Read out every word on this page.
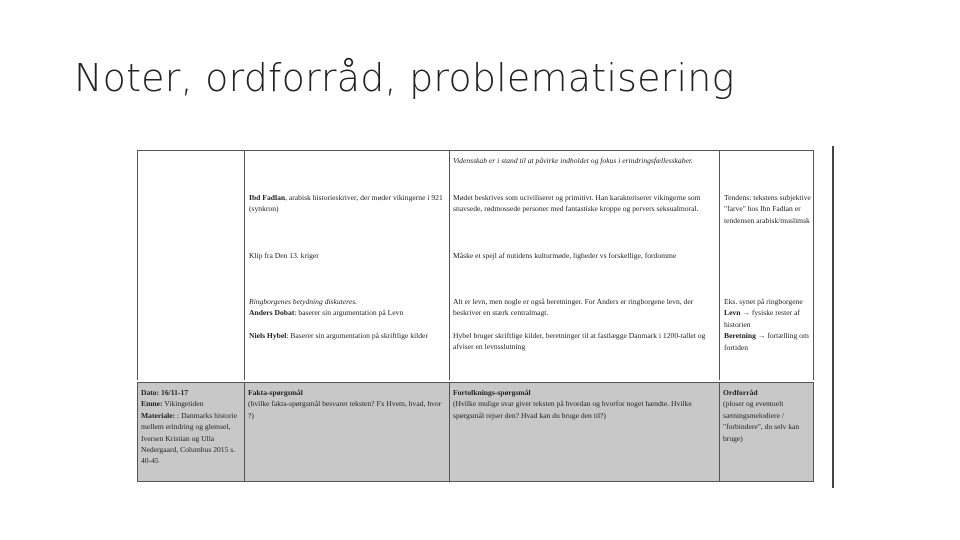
Noter, ordforråd, problematisering
Vidensskab er i stand til at påvirke indholdet og fokus i erindringsfællesskaber.
Ibd Fadlan, arabisk historieskriver, der møder vikingerne i 921 (synkron)
Mødet beskrives som uciviliseret og primitivt. Han karakteriserer vikingerne som snavsede, rødmossede personer med fantastiske kroppe og pervers seksualmoral.
Tendens: tekstens subjektive "farve" hos Ibn Fadlan er tendensen arabisk/muslimsk
Klip fra Den 13. kriger	Måske et spejl af nutidens kulturmøde, ligheder vs forskellige, fordomme

Ringborgenes betydning diskuteres.

Anders Dobat: baserer sin argumentation på Levn

Alt er levn, men nogle er også beretninger. For Anders er ringborgene levn, der beskriver en stærk centralmagt.

Eks. synet på ringborgene

Levn → fysiske rester af historien

Beretning → fortælling om fortiden

Niels Hybel: Baserer sin argumentation på skriftlige kilder	Hybel bruger skriftlige kilder, beretninger til at fastlægge Danmark i 1200-tallet og afviser en levnsslutning

Dato: 16/11-17

Emne: Vikingetiden

Materiale: : Danmarks historie mellem erindring og glemsel, Iversen Kristian og Ulla Nedergaard, Columbus 2015 s. 40-45

Fakta-spørgsmål

(hvilke fakta-spørgsmål besvarer teksten? Fx Hvem, hvad, hvor ?)

Fortolknings-spørgsmål

(Hvilke mulige svar giver teksten på hvordan og hvorfor noget hændte. Hvilke spørgsmål rejser den? Hvad kan du bruge den til?)

Ordforråd

(ploser og eventuelt sætningsmelodiere / "forbindere", du selv kan bruge)
